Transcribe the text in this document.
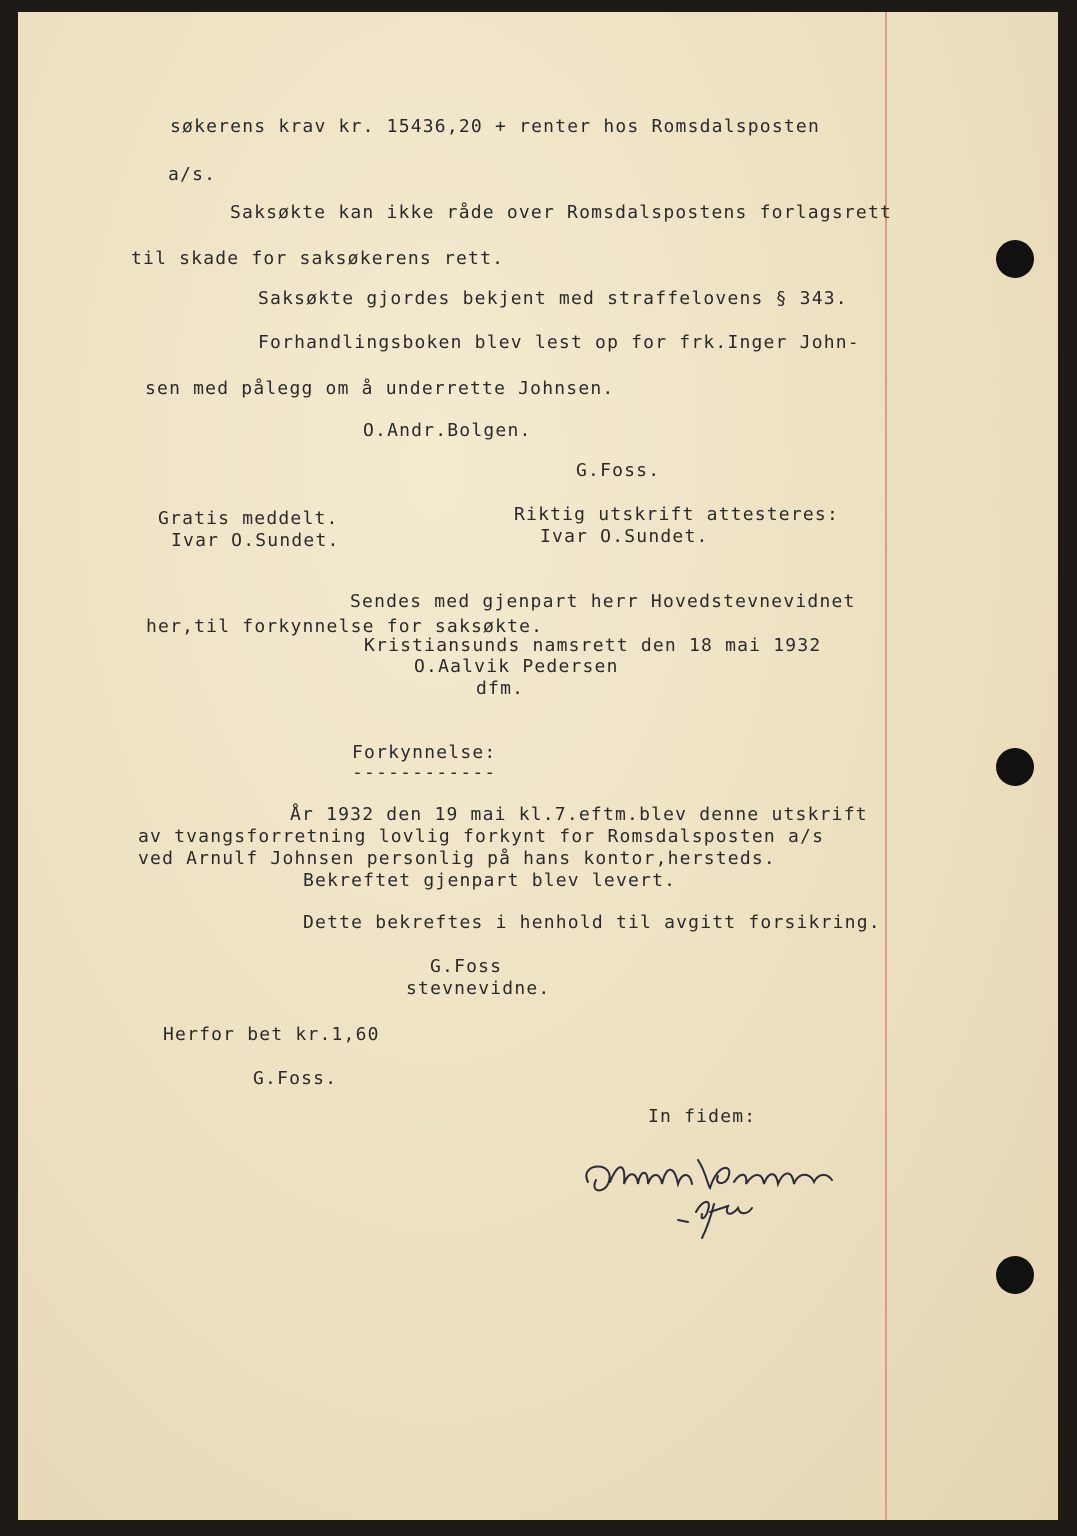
søkerens krav kr. 15436,20 + renter hos Romsdalsposten
a/s.
Saksøkte kan ikke råde over Romsdalspostens forlagsrett
til skade for saksøkerens rett.
Saksøkte gjordes bekjent med straffelovens § 343.
Forhandlingsboken blev lest op for frk.Inger John-
sen med pålegg om å underrette Johnsen.
O.Andr.Bolgen.
G.Foss.
Gratis meddelt.
Ivar O.Sundet.
Riktig utskrift attesteres:
Ivar O.Sundet.
Sendes med gjenpart herr Hovedstevnevidnet
her,til forkynnelse for saksøkte.
Kristiansunds namsrett den 18 mai 1932
O.Aalvik Pedersen
dfm.
Forkynnelse:
------------
År 1932 den 19 mai kl.7.eftm.blev denne utskrift
av tvangsforretning lovlig forkynt for Romsdalsposten a/s
ved Arnulf Johnsen personlig på hans kontor,hersteds.
Bekreftet gjenpart blev levert.
Dette bekreftes i henhold til avgitt forsikring.
G.Foss
stevnevidne.
Herfor bet kr.1,60
G.Foss.
In fidem:
